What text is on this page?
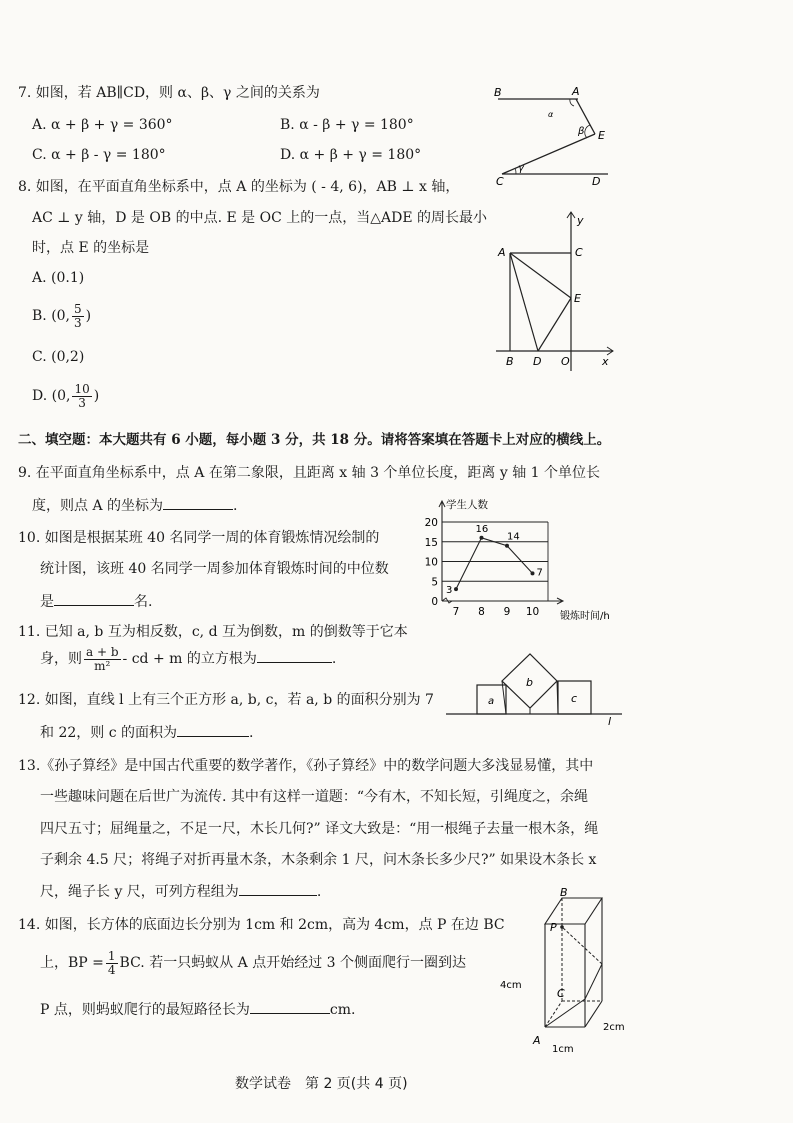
7. 如图，若 AB∥CD，则 α、β、γ 之间的关系为
A. α + β + γ = 360°	B. α - β + γ = 180°
C. α + β - γ = 180°	D. α + β + γ = 180°
B	A
α
β E
C
γ
D
8. 如图，在平面直角坐标系中，点 A 的坐标为 ( - 4, 6)，AB ⊥ x 轴，
AC ⊥ y 轴，D 是 OB 的中点. E 是 OC 上的一点，当△ADE 的周长最小
时，点 E 的坐标是
A. (0.1)
B. (0, $\frac{5}{3}$ )
C. (0,2)
D. (0, $\frac{10}{3}$ )
y
A	C
E
B D O	x
二、填空题：本大题共有 6 小题，每小题 3 分，共 18 分。请将答案填在答题卡上对应的横线上。
9. 在平面直角坐标系中，点 A 在第二象限，且距离 x 轴 3 个单位长度，距离 y 轴 1 个单位长
度，则点 A 的坐标为	.
10. 如图是根据某班 40 名同学一周的体育锻炼情况绘制的
统计图，该班 40 名同学一周参加体育锻炼时间的中位数
是	名.	0
5
10
15
20
7 8 9 10
3
16
14
7
学生人数
锻炼时间/h
11. 已知 a, b 互为相反数，c, d 互为倒数，m 的倒数等于它本
身，则 $\frac{a + b}{\text{m²}}$ - cd + m 的立方根为	.
12. 如图，直线 l 上有三个正方形 a, b, c，若 a, b 的面积分别为 7
和 22，则 c 的面积为	.
a
b
c
l
13.《孙子算经》是中国古代重要的数学著作，《孙子算经》中的数学问题大多浅显易懂，其中
一些趣味问题在后世广为流传. 其中有这样一道题：“今有木，不知长短，引绳度之，余绳
四尺五寸；屈绳量之，不足一尺，木长几何?” 译文大致是：“用一根绳子去量一根木条，绳
子剩余 4.5 尺；将绳子对折再量木条，木条剩余 1 尺，问木条长多少尺?” 如果设木条长 x
尺，绳子长 y 尺，可列方程组为	.
14. 如图，长方体的底面边长分别为 1cm 和 2cm，高为 4cm，点 P 在边 BC
上，BP = $\frac{1}{4}$ BC. 若一只蚂蚁从 A 点开始经过 3 个侧面爬行一圈到达
P 点，则蚂蚁爬行的最短路径长为	cm.
B
P
C
A
4cm
1cm
2cm
数学试卷　第 2 页(共 4 页)
